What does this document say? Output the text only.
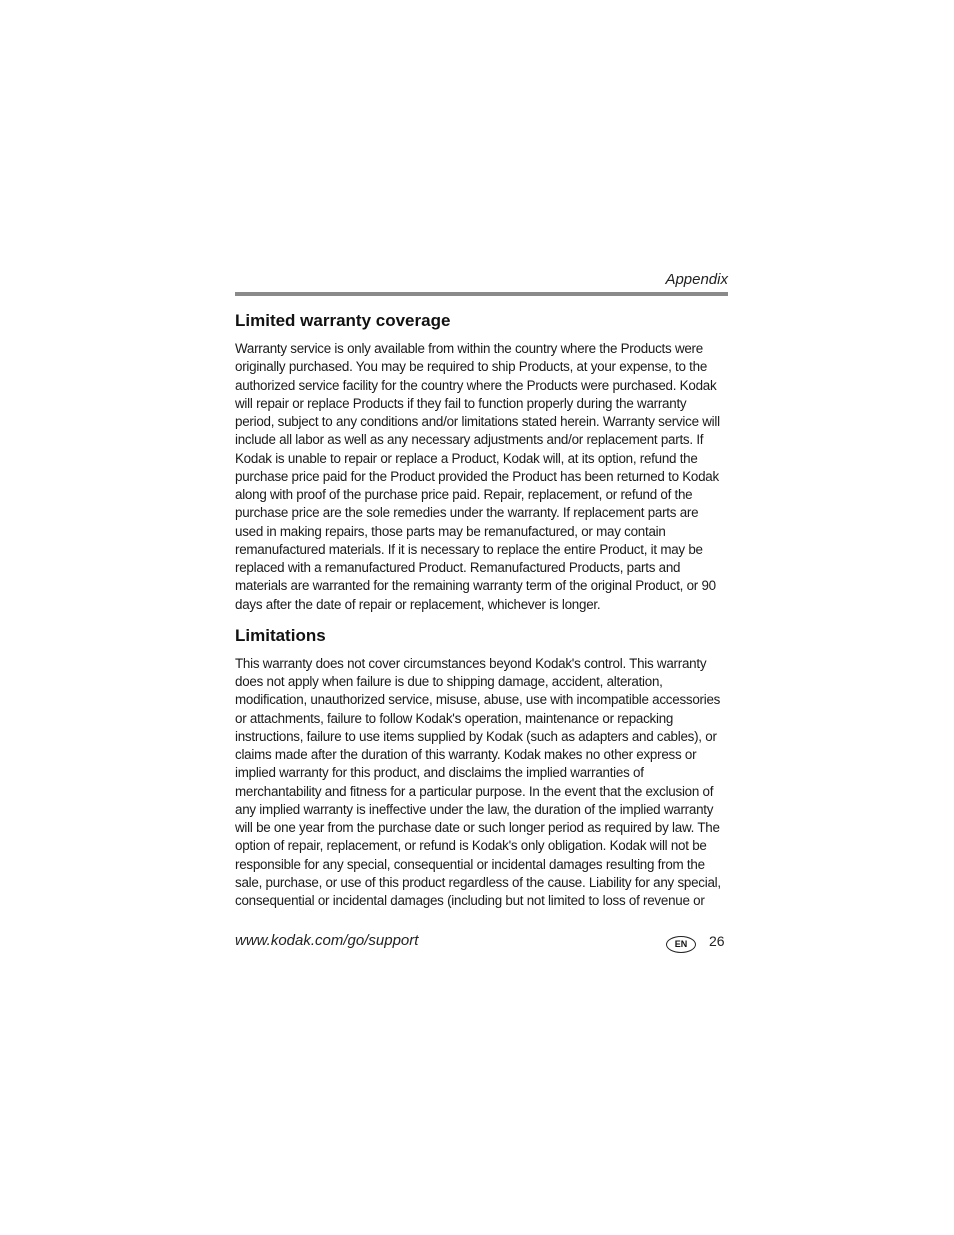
Appendix
Limited warranty coverage

Warranty service is only available from within the country where the Products were originally purchased. You may be required to ship Products, at your expense, to the authorized service facility for the country where the Products were purchased. Kodak will repair or replace Products if they fail to function properly during the warranty period, subject to any conditions and/or limitations stated herein. Warranty service will include all labor as well as any necessary adjustments and/or replacement parts. If Kodak is unable to repair or replace a Product, Kodak will, at its option, refund the purchase price paid for the Product provided the Product has been returned to Kodak along with proof of the purchase price paid. Repair, replacement, or refund of the purchase price are the sole remedies under the warranty. If replacement parts are used in making repairs, those parts may be remanufactured, or may contain remanufactured materials. If it is necessary to replace the entire Product, it may be replaced with a remanufactured Product. Remanufactured Products, parts and materials are warranted for the remaining warranty term of the original Product, or 90 days after the date of repair or replacement, whichever is longer.

Limitations

This warranty does not cover circumstances beyond Kodak's control. This warranty does not apply when failure is due to shipping damage, accident, alteration, modification, unauthorized service, misuse, abuse, use with incompatible accessories or attachments, failure to follow Kodak's operation, maintenance or repacking instructions, failure to use items supplied by Kodak (such as adapters and cables), or claims made after the duration of this warranty. Kodak makes no other express or implied warranty for this product, and disclaims the implied warranties of merchantability and fitness for a particular purpose. In the event that the exclusion of any implied warranty is ineffective under the law, the duration of the implied warranty will be one year from the purchase date or such longer period as required by law. The option of repair, replacement, or refund is Kodak's only obligation. Kodak will not be responsible for any special, consequential or incidental damages resulting from the sale, purchase, or use of this product regardless of the cause. Liability for any special, consequential or incidental damages (including but not limited to loss of revenue or

www.kodak.com/go/support	EN	26
